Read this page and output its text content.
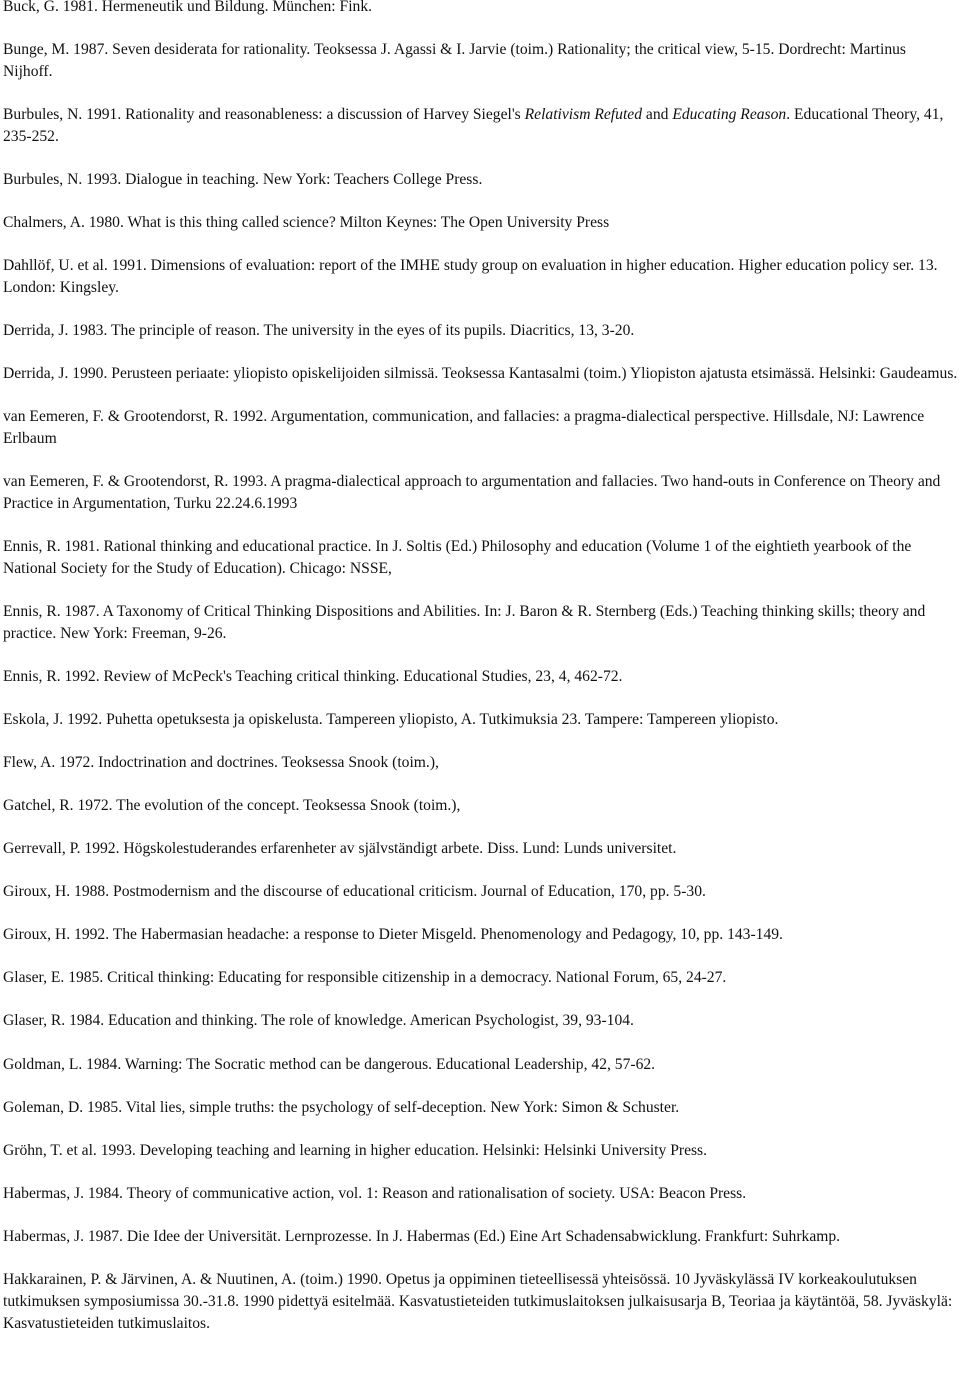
Buck, G. 1981. Hermeneutik und Bildung. München: Fink.

Bunge, M. 1987. Seven desiderata for rationality. Teoksessa J. Agassi & I. Jarvie (toim.) Rationality; the critical view, 5-15. Dordrecht: Martinus Nijhoff.

Burbules, N. 1991. Rationality and reasonableness: a discussion of Harvey Siegel's Relativism Refuted and Educating Reason. Educational Theory, 41, 235-252.

Burbules, N. 1993. Dialogue in teaching. New York: Teachers College Press.

Chalmers, A. 1980. What is this thing called science? Milton Keynes: The Open University Press

Dahllöf, U. et al. 1991. Dimensions of evaluation: report of the IMHE study group on evaluation in higher education. Higher education policy ser. 13. London: Kingsley.

Derrida, J. 1983. The principle of reason. The university in the eyes of its pupils. Diacritics, 13, 3-20.

Derrida, J. 1990. Perusteen periaate: yliopisto opiskelijoiden silmissä. Teoksessa Kantasalmi (toim.) Yliopiston ajatusta etsimässä. Helsinki: Gaudeamus.

van Eemeren, F. & Grootendorst, R. 1992. Argumentation, communication, and fallacies: a pragma-dialectical perspective. Hillsdale, NJ: Lawrence Erlbaum

van Eemeren, F. & Grootendorst, R. 1993. A pragma-dialectical approach to argumentation and fallacies. Two hand-outs in Conference on Theory and Practice in Argumentation, Turku 22.24.6.1993

Ennis, R. 1981. Rational thinking and educational practice. In J. Soltis (Ed.) Philosophy and education (Volume 1 of the eightieth yearbook of the National Society for the Study of Education). Chicago: NSSE,

Ennis, R. 1987. A Taxonomy of Critical Thinking Dispositions and Abilities. In: J. Baron & R. Sternberg (Eds.) Teaching thinking skills; theory and practice. New York: Freeman, 9-26.

Ennis, R. 1992. Review of McPeck's Teaching critical thinking. Educational Studies, 23, 4, 462-72.

Eskola, J. 1992. Puhetta opetuksesta ja opiskelusta. Tampereen yliopisto, A. Tutkimuksia 23. Tampere: Tampereen yliopisto.

Flew, A. 1972. Indoctrination and doctrines. Teoksessa Snook (toim.),

Gatchel, R. 1972. The evolution of the concept. Teoksessa Snook (toim.),

Gerrevall, P. 1992. Högskolestuderandes erfarenheter av självständigt arbete. Diss. Lund: Lunds universitet.

Giroux, H. 1988. Postmodernism and the discourse of educational criticism. Journal of Education, 170, pp. 5-30.

Giroux, H. 1992. The Habermasian headache: a response to Dieter Misgeld. Phenomenology and Pedagogy, 10, pp. 143-149.

Glaser, E. 1985. Critical thinking: Educating for responsible citizenship in a democracy. National Forum, 65, 24-27.

Glaser, R. 1984. Education and thinking. The role of knowledge. American Psychologist, 39, 93-104.

Goldman, L. 1984. Warning: The Socratic method can be dangerous. Educational Leadership, 42, 57-62.

Goleman, D. 1985. Vital lies, simple truths: the psychology of self-deception. New York: Simon & Schuster.

Gröhn, T. et al. 1993. Developing teaching and learning in higher education. Helsinki: Helsinki University Press.

Habermas, J. 1984. Theory of communicative action, vol. 1: Reason and rationalisation of society. USA: Beacon Press.

Habermas, J. 1987. Die Idee der Universität. Lernprozesse. In J. Habermas (Ed.) Eine Art Schadensabwicklung. Frankfurt: Suhrkamp.

Hakkarainen, P. & Järvinen, A. & Nuutinen, A. (toim.) 1990. Opetus ja oppiminen tieteellisessä yhteisössä. 10 Jyväskylässä IV korkeakoulutuksen tutkimuksen symposiumissa 30.-31.8. 1990 pidettyä esitelmää. Kasvatustieteiden tutkimuslaitoksen julkaisusarja B, Teoriaa ja käytäntöä, 58. Jyväskylä: Kasvatustieteiden tutkimuslaitos.
